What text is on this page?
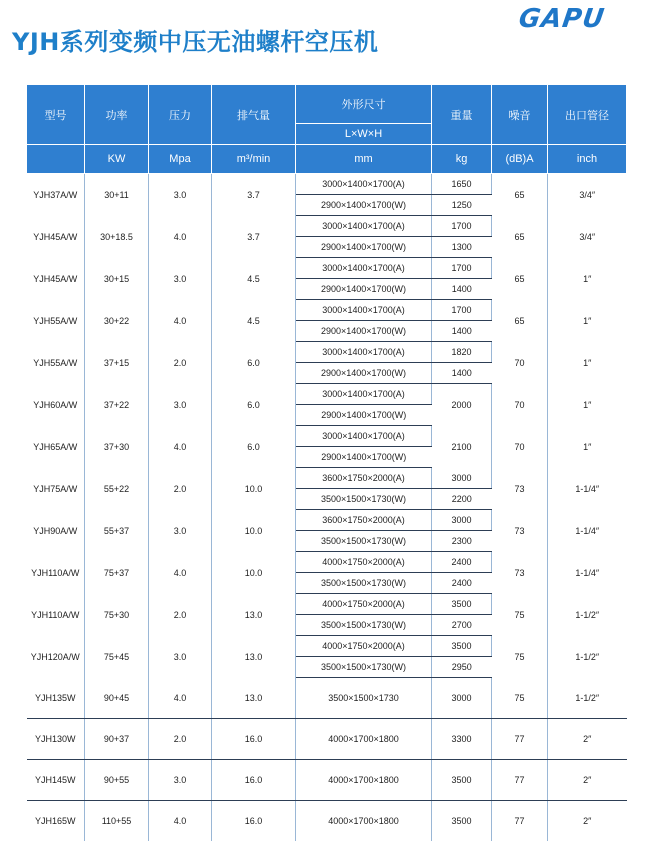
YJH系列变频中压无油螺杆空压机
GAPU
型号	功率	压力	排气量	外形尺寸	重量	噪音	出口管径
				L×W×H			
	KW	Mpa	m³/min	mm	kg	(dB)A	inch
YJH37A/W	30+11	3.0	3.7	3000×1400×1700(A)	1650	65	3/4″
				2900×1400×1700(W)	1250		
YJH45A/W	30+18.5	4.0	3.7	3000×1400×1700(A)	1700	65	3/4″
				2900×1400×1700(W)	1300		
YJH45A/W	30+15	3.0	4.5	3000×1400×1700(A)	1700	65	1″
				2900×1400×1700(W)	1400		
YJH55A/W	30+22	4.0	4.5	3000×1400×1700(A)	1700	65	1″
				2900×1400×1700(W)	1400		
YJH55A/W	37+15	2.0	6.0	3000×1400×1700(A)	1820	70	1″
				2900×1400×1700(W)	1400		
YJH60A/W	37+22	3.0	6.0	3000×1400×1700(A)	2000	70	1″
				2900×1400×1700(W)			
YJH65A/W	37+30	4.0	6.0	3000×1400×1700(A)	2100	70	1″
				2900×1400×1700(W)			
YJH75A/W	55+22	2.0	10.0	3600×1750×2000(A)	3000	73	1-1/4″
				3500×1500×1730(W)	2200		
YJH90A/W	55+37	3.0	10.0	3600×1750×2000(A)	3000	73	1-1/4″
				3500×1500×1730(W)	2300		
YJH110A/W	75+37	4.0	10.0	4000×1750×2000(A)	2400	73	1-1/4″
				3500×1500×1730(W)	2400		
YJH110A/W	75+30	2.0	13.0	4000×1750×2000(A)	3500	75	1-1/2″
				3500×1500×1730(W)	2700		
YJH120A/W	75+45	3.0	13.0	4000×1750×2000(A)	3500	75	1-1/2″
				3500×1500×1730(W)	2950		
YJH135W	90+45	4.0	13.0	3500×1500×1730	3000	75	1-1/2″
YJH130W	90+37	2.0	16.0	4000×1700×1800	3300	77	2″
YJH145W	90+55	3.0	16.0	4000×1700×1800	3500	77	2″
YJH165W	110+55	4.0	16.0	4000×1700×1800	3500	77	2″
